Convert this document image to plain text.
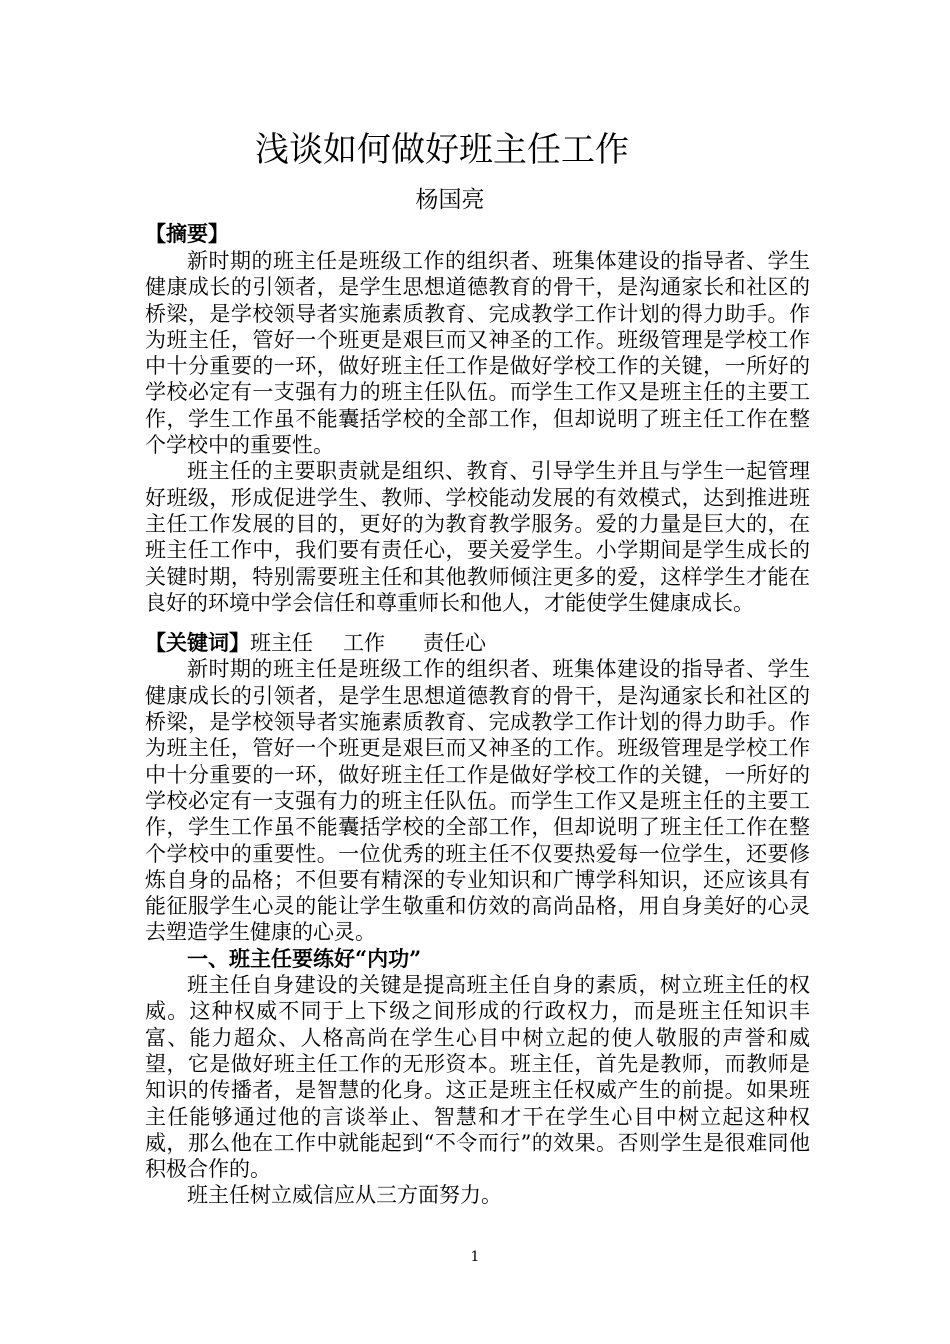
浅谈如何做好班主任工作
杨国亮

【摘要】

新时期的班主任是班级工作的组织者、班集体建设的指导者、学生健康成长的引领者，是学生思想道德教育的骨干，是沟通家长和社区的桥梁，是学校领导者实施素质教育、完成教学工作计划的得力助手。作为班主任，管好一个班更是艰巨而又神圣的工作。班级管理是学校工作中十分重要的一环，做好班主任工作是做好学校工作的关键，一所好的学校必定有一支强有力的班主任队伍。而学生工作又是班主任的主要工作，学生工作虽不能囊括学校的全部工作，但却说明了班主任工作在整个学校中的重要性。

班主任的主要职责就是组织、教育、引导学生并且与学生一起管理好班级，形成促进学生、教师、学校能动发展的有效模式，达到推进班主任工作发展的目的，更好的为教育教学服务。爱的力量是巨大的，在班主任工作中，我们要有责任心，要关爱学生。小学期间是学生成长的关键时期，特别需要班主任和其他教师倾注更多的爱，这样学生才能在良好的环境中学会信任和尊重师长和他人，才能使学生健康成长。

【关键词】班主任 工作 责任心

新时期的班主任是班级工作的组织者、班集体建设的指导者、学生健康成长的引领者，是学生思想道德教育的骨干，是沟通家长和社区的桥梁，是学校领导者实施素质教育、完成教学工作计划的得力助手。作为班主任，管好一个班更是艰巨而又神圣的工作。班级管理是学校工作中十分重要的一环，做好班主任工作是做好学校工作的关键，一所好的学校必定有一支强有力的班主任队伍。而学生工作又是班主任的主要工作，学生工作虽不能囊括学校的全部工作，但却说明了班主任工作在整个学校中的重要性。一位优秀的班主任不仅要热爱每一位学生，还要修炼自身的品格；不但要有精深的专业知识和广博学科知识，还应该具有能征服学生心灵的能让学生敬重和仿效的高尚品格，用自身美好的心灵去塑造学生健康的心灵。

一、班主任要练好“内功”

班主任自身建设的关键是提高班主任自身的素质，树立班主任的权威。这种权威不同于上下级之间形成的行政权力，而是班主任知识丰富、能力超众、人格高尚在学生心目中树立起的使人敬服的声誉和威望，它是做好班主任工作的无形资本。班主任，首先是教师，而教师是知识的传播者，是智慧的化身。这正是班主任权威产生的前提。如果班主任能够通过他的言谈举止、智慧和才干在学生心目中树立起这种权威，那么他在工作中就能起到“不令而行”的效果。否则学生是很难同他积极合作的。

班主任树立威信应从三方面努力。

1
